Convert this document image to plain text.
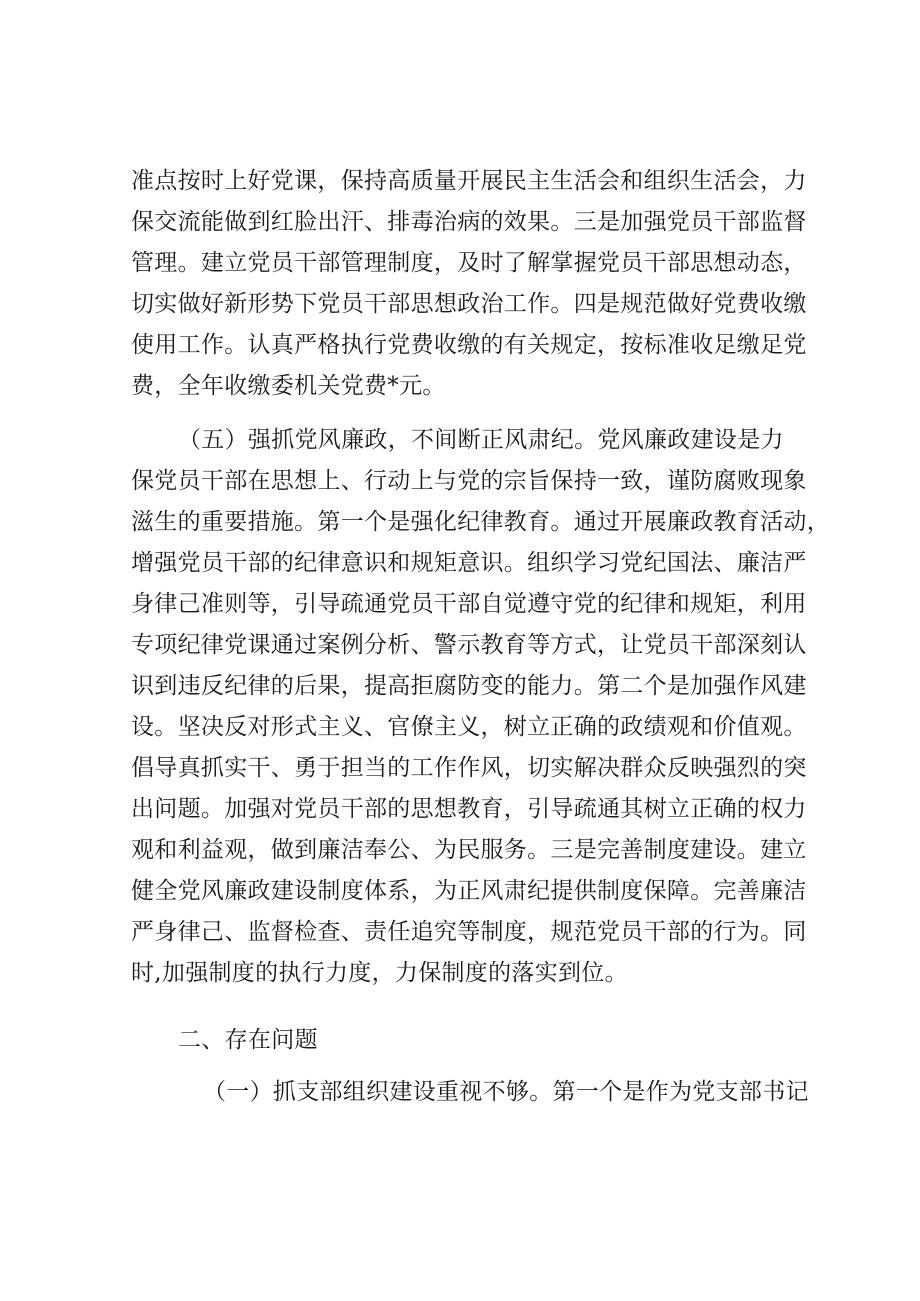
准点按时上好党课，保持高质量开展民主生活会和组织生活会，力
保交流能做到红脸出汗、排毒治病的效果。三是加强党员干部监督
管理。建立党员干部管理制度，及时了解掌握党员干部思想动态，
切实做好新形势下党员干部思想政治工作。四是规范做好党费收缴
使用工作。认真严格执行党费收缴的有关规定，按标准收足缴足党
费，全年收缴委机关党费*元。
（五）强抓党风廉政，不间断正风肃纪。党风廉政建设是力
保党员干部在思想上、行动上与党的宗旨保持一致，谨防腐败现象
滋生的重要措施。第一个是强化纪律教育。通过开展廉政教育活动，
增强党员干部的纪律意识和规矩意识。组织学习党纪国法、廉洁严
身律己准则等，引导疏通党员干部自觉遵守党的纪律和规矩，利用
专项纪律党课通过案例分析、警示教育等方式，让党员干部深刻认
识到违反纪律的后果，提高拒腐防变的能力。第二个是加强作风建
设。坚决反对形式主义、官僚主义，树立正确的政绩观和价值观。
倡导真抓实干、勇于担当的工作作风，切实解决群众反映强烈的突
出问题。加强对党员干部的思想教育，引导疏通其树立正确的权力
观和利益观，做到廉洁奉公、为民服务。三是完善制度建设。建立
健全党风廉政建设制度体系，为正风肃纪提供制度保障。完善廉洁
严身律己、监督检查、责任追究等制度，规范党员干部的行为。同
时,加强制度的执行力度，力保制度的落实到位。
二、存在问题
（一）抓支部组织建设重视不够。第一个是作为党支部书记
